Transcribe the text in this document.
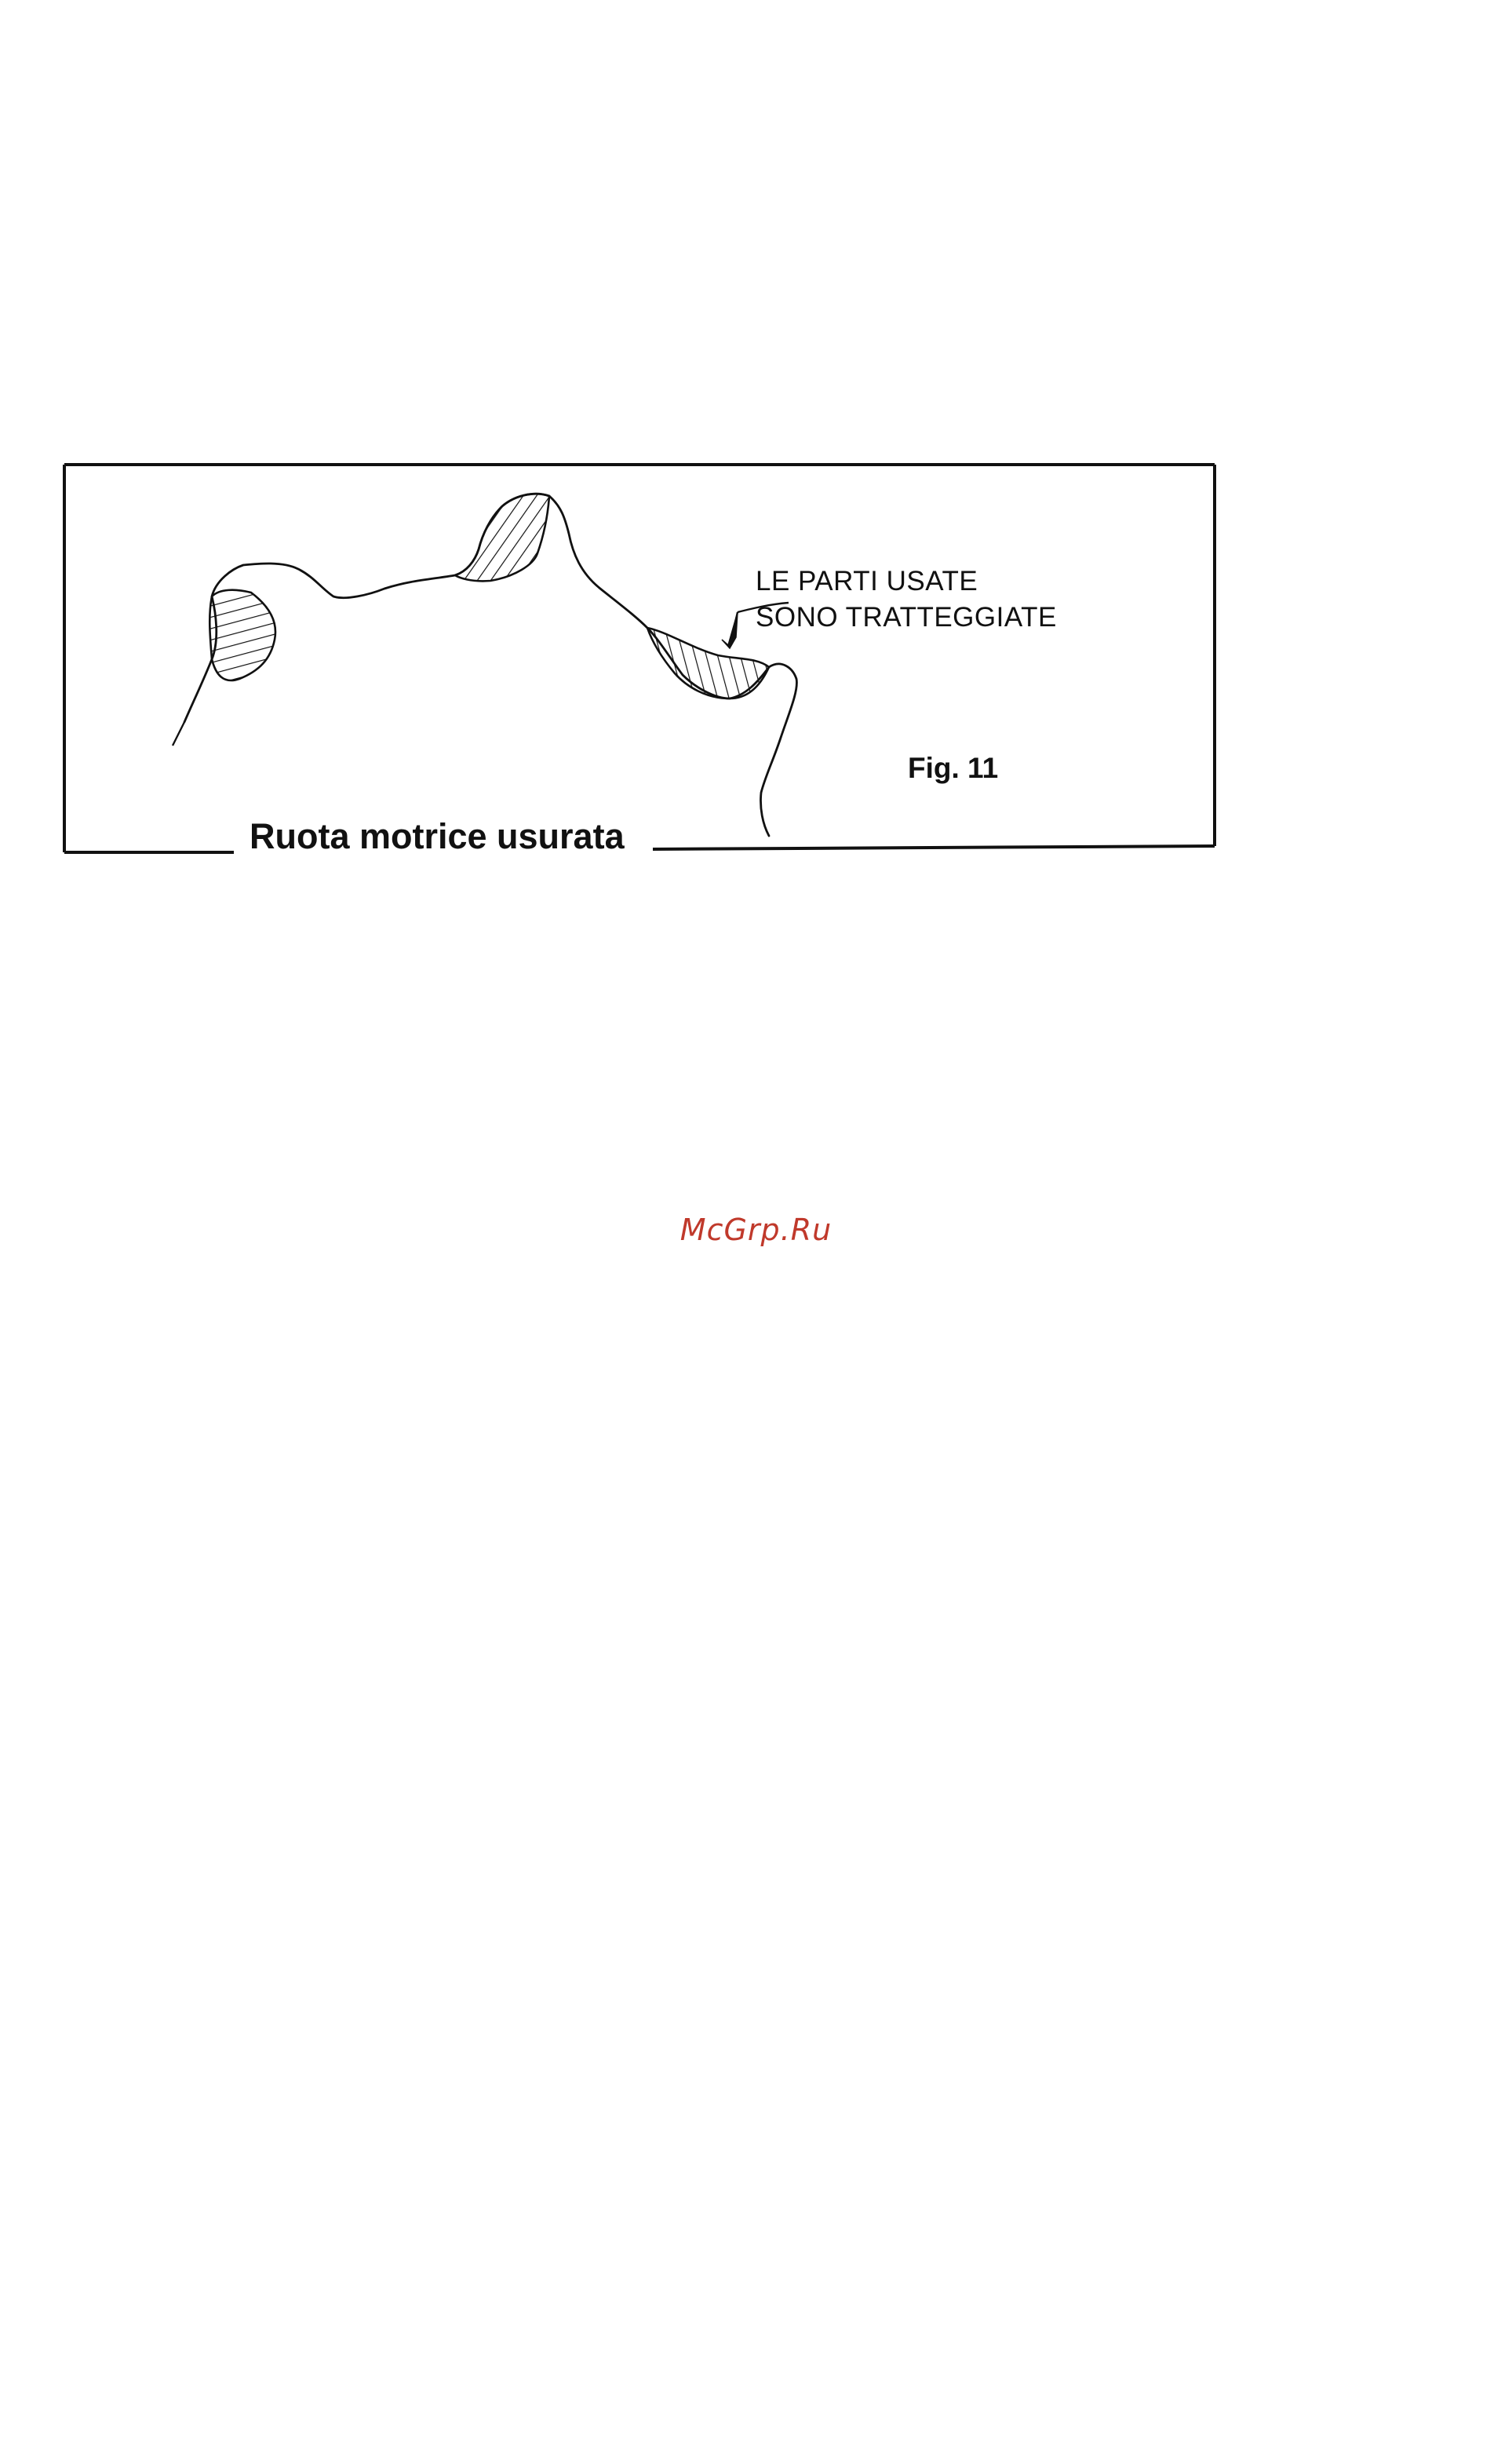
LE PARTI USATE
SONO TRATTEGGIATE
Fig. 11
Ruota motrice usurata
McGrp.Ru
